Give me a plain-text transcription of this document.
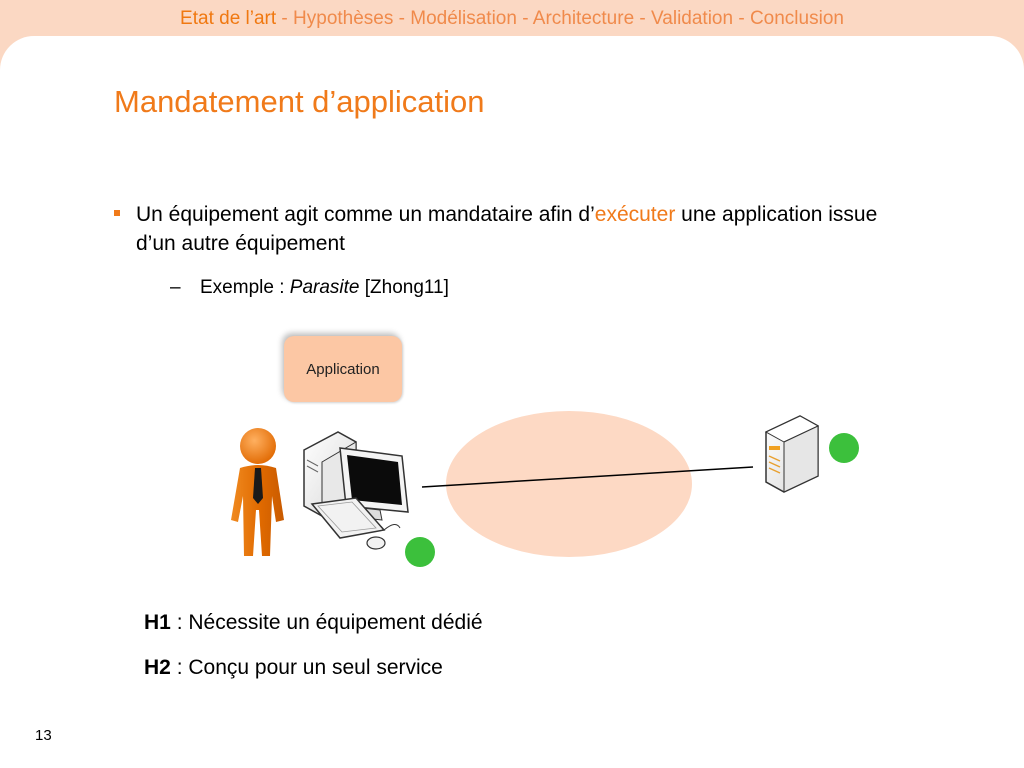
Etat de l’art - Hypothèses - Modélisation - Architecture - Validation - Conclusion
Mandatement d’application
Un équipement agit comme un mandataire afin d’exécuter une application issue d’un autre équipement
– Exemple : Parasite [Zhong11]
Application
H1 : Nécessite un équipement dédié
H2 : Conçu pour un seul service
13
